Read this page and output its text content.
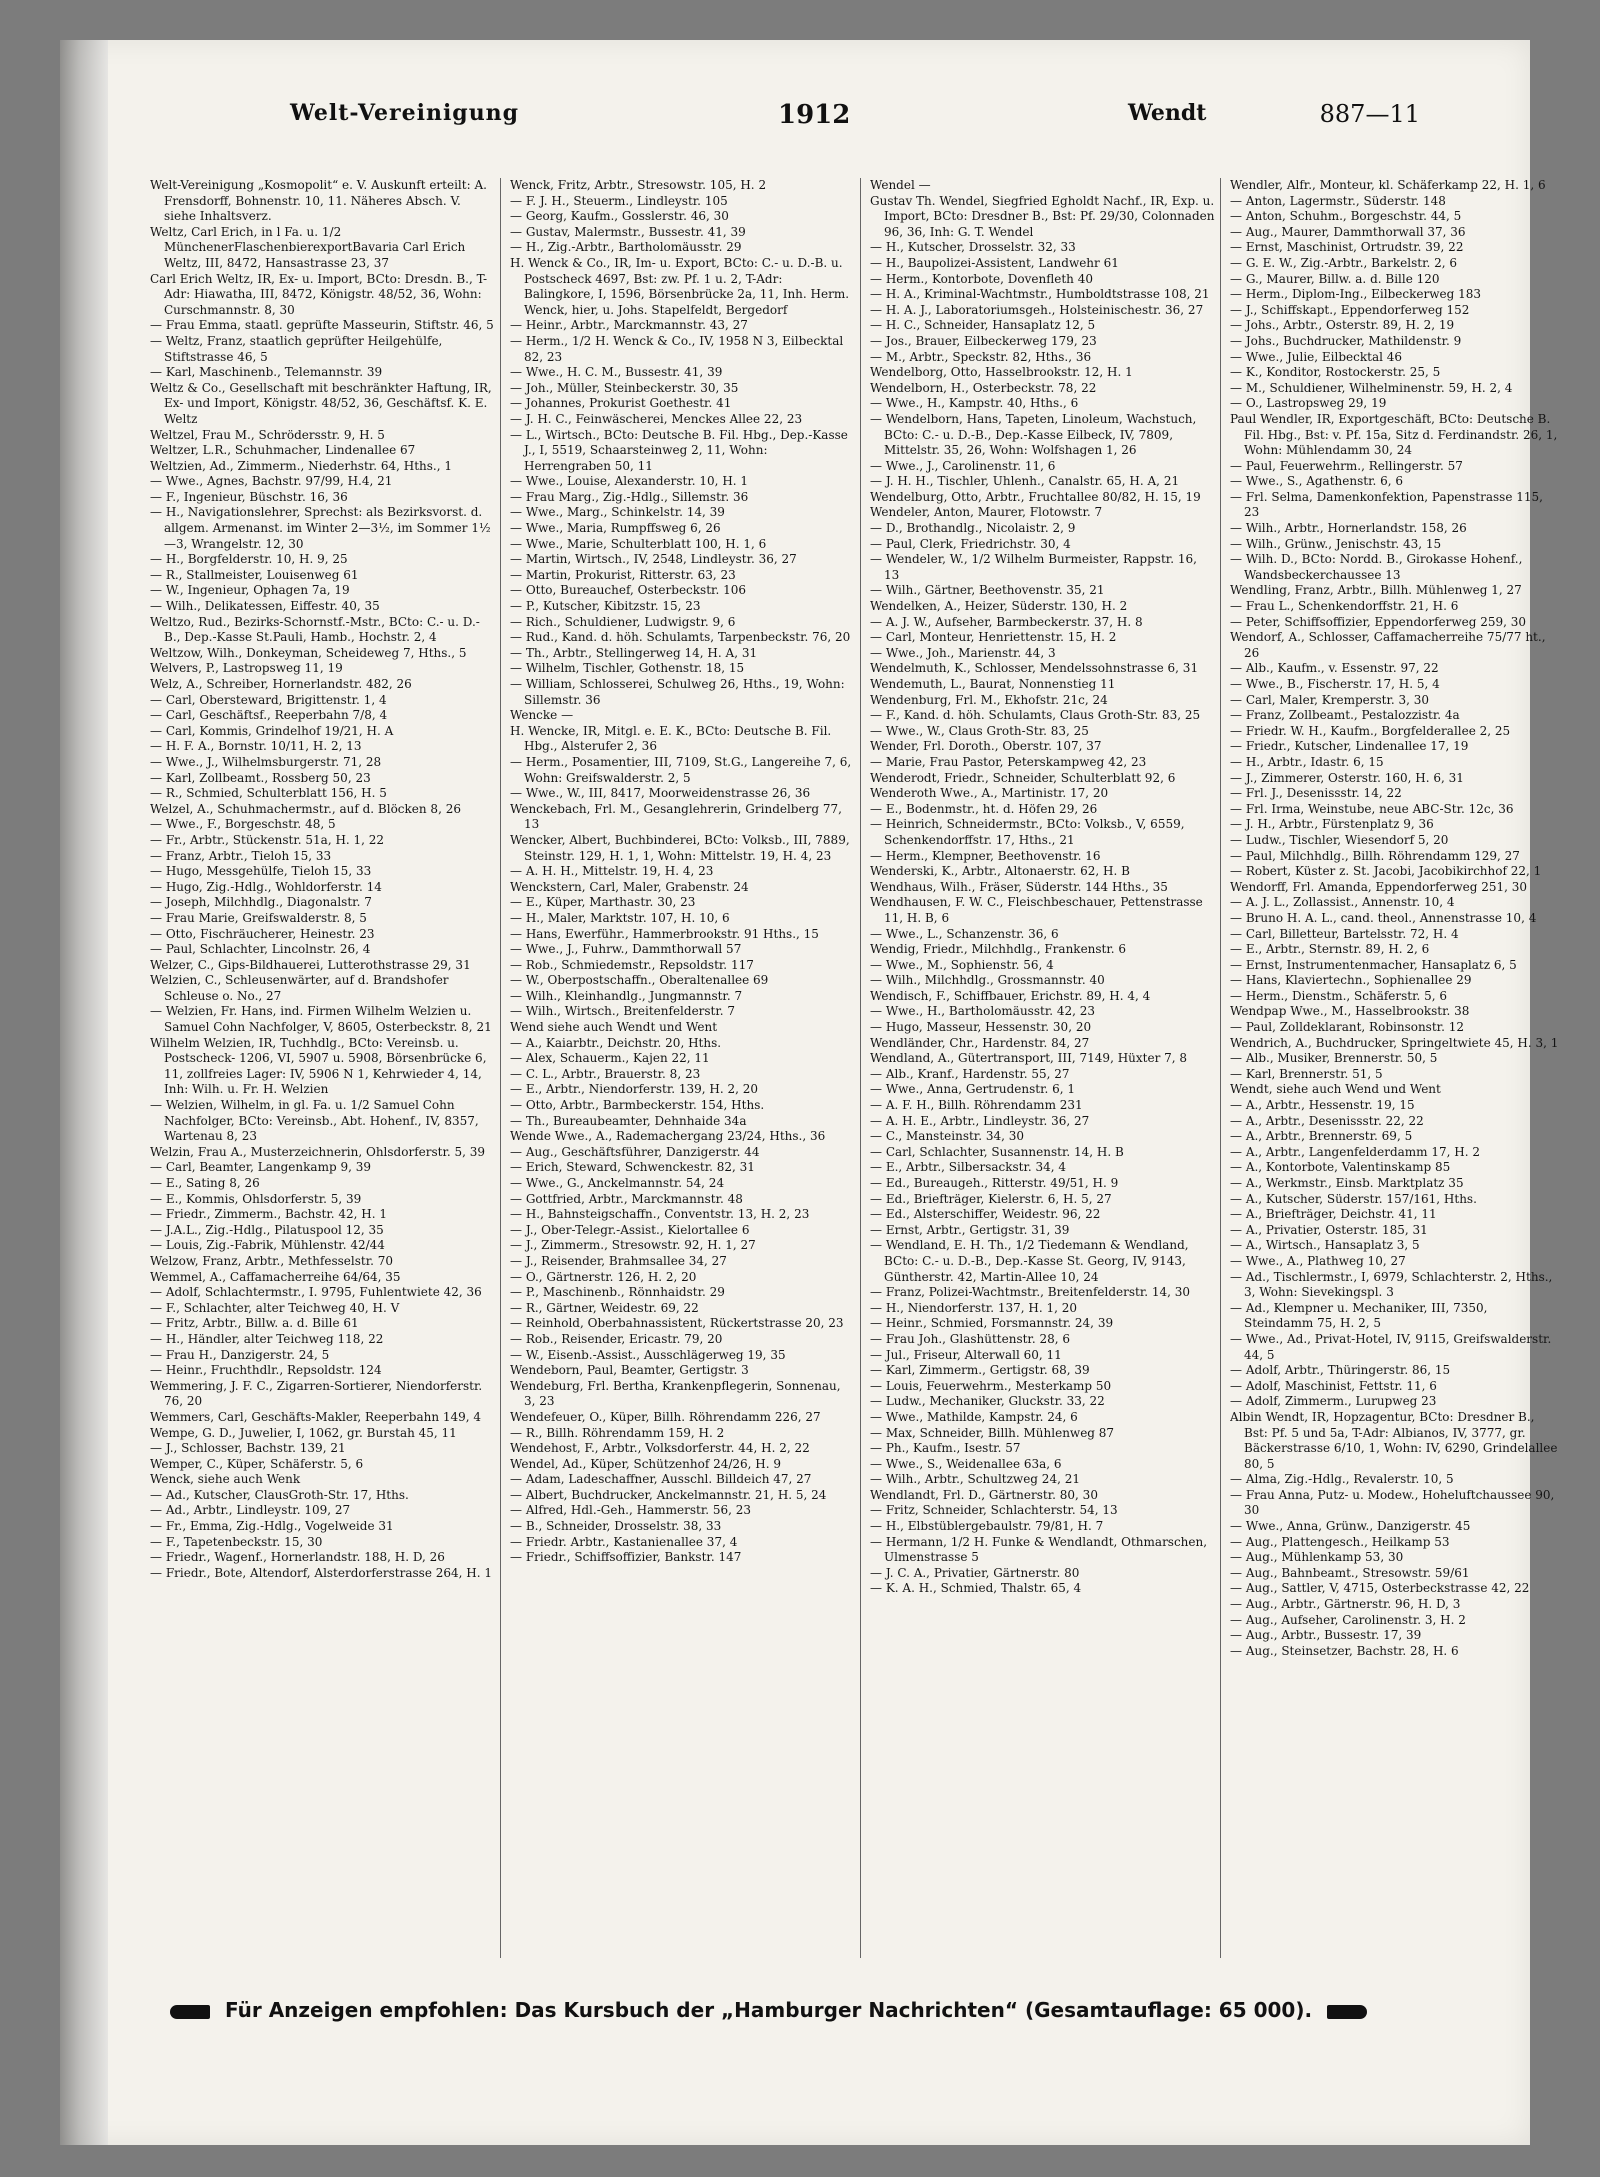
Welt-Vereinigung	1912	Wendt	887—11

Welt-Vereinigung „Kosmopolit“ e. V. Auskunft erteilt: A. Frensdorff, Bohnenstr. 10, 11. Näheres Absch. V. siehe Inhaltsverz.

Weltz, Carl Erich, in l Fa. u. 1/2 MünchenerFlaschenbierexportBavaria Carl Erich Weltz, III, 8472, Hansastrasse 23, 37

Carl Erich Weltz, IR, Ex- u. Import, BCto: Dresdn. B., T-Adr: Hiawatha, III, 8472, Königstr. 48/52, 36, Wohn: Curschmannstr. 8, 30

— Frau Emma, staatl. geprüfte Masseurin, Stiftstr. 46, 5

— Weltz, Franz, staatlich geprüfter Heilgehülfe, Stiftstrasse 46, 5

— Karl, Maschinenb., Telemannstr. 39

Weltz & Co., Gesellschaft mit beschränkter Haftung, IR, Ex- und Import, Königstr. 48/52, 36, Geschäftsf. K. E. Weltz

Weltzel, Frau M., Schrödersstr. 9, H. 5

Weltzer, L.R., Schuhmacher, Lindenallee 67

Weltzien, Ad., Zimmerm., Niederhstr. 64, Hths., 1

— Wwe., Agnes, Bachstr. 97/99, H.4, 21

— F., Ingenieur, Büschstr. 16, 36

— H., Navigationslehrer, Sprechst: als Bezirksvorst. d. allgem. Armenanst. im Winter 2—3½, im Sommer 1½—3, Wrangelstr. 12, 30

— H., Borgfelderstr. 10, H. 9, 25

— R., Stallmeister, Louisenweg 61

— W., Ingenieur, Ophagen 7a, 19

— Wilh., Delikatessen, Eiffestr. 40, 35

Weltzo, Rud., Bezirks-Schornstf.-Mstr., BCto: C.- u. D.-B., Dep.-Kasse St.Pauli, Hamb., Hochstr. 2, 4

Weltzow, Wilh., Donkeyman, Scheideweg 7, Hths., 5

Welvers, P., Lastropsweg 11, 19

Welz, A., Schreiber, Hornerlandstr. 482, 26

— Carl, Obersteward, Brigittenstr. 1, 4

— Carl, Geschäftsf., Reeperbahn 7/8, 4

— Carl, Kommis, Grindelhof 19/21, H. A

— H. F. A., Bornstr. 10/11, H. 2, 13

— Wwe., J., Wilhelmsburgerstr. 71, 28

— Karl, Zollbeamt., Rossberg 50, 23

— R., Schmied, Schulterblatt 156, H. 5

Welzel, A., Schuhmachermstr., auf d. Blöcken 8, 26

— Wwe., F., Borgeschstr. 48, 5

— Fr., Arbtr., Stückenstr. 51a, H. 1, 22

— Franz, Arbtr., Tieloh 15, 33

— Hugo, Messgehülfe, Tieloh 15, 33

— Hugo, Zig.-Hdlg., Wohldorferstr. 14

— Joseph, Milchhdlg., Diagonalstr. 7

— Frau Marie, Greifswalderstr. 8, 5

— Otto, Fischräucherer, Heinestr. 23

— Paul, Schlachter, Lincolnstr. 26, 4

Welzer, C., Gips-Bildhauerei, Lutterothstrasse 29, 31

Welzien, C., Schleusenwärter, auf d. Brandshofer Schleuse o. No., 27

— Welzien, Fr. Hans, ind. Firmen Wilhelm Welzien u. Samuel Cohn Nachfolger, V, 8605, Osterbeckstr. 8, 21

Wilhelm Welzien, IR, Tuchhdlg., BCto: Vereinsb. u. Postscheck- 1206, VI, 5907 u. 5908, Börsenbrücke 6, 11, zollfreies Lager: IV, 5906 N 1, Kehrwieder 4, 14, Inh: Wilh. u. Fr. H. Welzien

— Welzien, Wilhelm, in gl. Fa. u. 1/2 Samuel Cohn Nachfolger, BCto: Vereinsb., Abt. Hohenf., IV, 8357, Wartenau 8, 23

Welzin, Frau A., Musterzeichnerin, Ohlsdorferstr. 5, 39

— Carl, Beamter, Langenkamp 9, 39

— E., Sating 8, 26

— E., Kommis, Ohlsdorferstr. 5, 39

— Friedr., Zimmerm., Bachstr. 42, H. 1

— J.A.L., Zig.-Hdlg., Pilatuspool 12, 35

— Louis, Zig.-Fabrik, Mühlenstr. 42/44

Welzow, Franz, Arbtr., Methfesselstr. 70

Wemmel, A., Caffamacherreihe 64/64, 35

— Adolf, Schlachtermstr., I. 9795, Fuhlentwiete 42, 36

— F., Schlachter, alter Teichweg 40, H. V

— Fritz, Arbtr., Billw. a. d. Bille 61

— H., Händler, alter Teichweg 118, 22

— Frau H., Danzigerstr. 24, 5

— Heinr., Fruchthdlr., Repsoldstr. 124

Wemmering, J. F. C., Zigarren-Sortierer, Niendorferstr. 76, 20

Wemmers, Carl, Geschäfts-Makler, Reeperbahn 149, 4

Wempe, G. D., Juwelier, I, 1062, gr. Burstah 45, 11

— J., Schlosser, Bachstr. 139, 21

Wemper, C., Küper, Schäferstr. 5, 6

Wenck, siehe auch Wenk

— Ad., Kutscher, ClausGroth-Str. 17, Hths.

— Ad., Arbtr., Lindleystr. 109, 27

— Fr., Emma, Zig.-Hdlg., Vogelweide 31

— F., Tapetenbeckstr. 15, 30

— Friedr., Wagenf., Hornerlandstr. 188, H. D, 26

— Friedr., Bote, Altendorf, Alsterdorferstrasse 264, H. 1

Wenck, Fritz, Arbtr., Stresowstr. 105, H. 2

— F. J. H., Steuerm., Lindleystr. 105

— Georg, Kaufm., Gosslerstr. 46, 30

— Gustav, Malermstr., Bussestr. 41, 39

— H., Zig.-Arbtr., Bartholomäusstr. 29

H. Wenck & Co., IR, Im- u. Export, BCto: C.- u. D.-B. u. Postscheck 4697, Bst: zw. Pf. 1 u. 2, T-Adr: Balingkore, I, 1596, Börsenbrücke 2a, 11, Inh. Herm. Wenck, hier, u. Johs. Stapelfeldt, Bergedorf

— Heinr., Arbtr., Marckmannstr. 43, 27

— Herm., 1/2 H. Wenck & Co., IV, 1958 N 3, Eilbecktal 82, 23

— Wwe., H. C. M., Bussestr. 41, 39

— Joh., Müller, Steinbeckerstr. 30, 35

— Johannes, Prokurist Goethestr. 41

— J. H. C., Feinwäscherei, Menckes Allee 22, 23

— L., Wirtsch., BCto: Deutsche B. Fil. Hbg., Dep.-Kasse J., I, 5519, Schaarsteinweg 2, 11, Wohn: Herrengraben 50, 11

— Wwe., Louise, Alexanderstr. 10, H. 1

— Frau Marg., Zig.-Hdlg., Sillemstr. 36

— Wwe., Marg., Schinkelstr. 14, 39

— Wwe., Maria, Rumpffsweg 6, 26

— Wwe., Marie, Schulterblatt 100, H. 1, 6

— Martin, Wirtsch., IV, 2548, Lindleystr. 36, 27

— Martin, Prokurist, Ritterstr. 63, 23

— Otto, Bureauchef, Osterbeckstr. 106

— P., Kutscher, Kibitzstr. 15, 23

— Rich., Schuldiener, Ludwigstr. 9, 6

— Rud., Kand. d. höh. Schulamts, Tarpenbeckstr. 76, 20

— Th., Arbtr., Stellingerweg 14, H. A, 31

— Wilhelm, Tischler, Gothenstr. 18, 15

— William, Schlosserei, Schulweg 26, Hths., 19, Wohn: Sillemstr. 36

Wencke —

H. Wencke, IR, Mitgl. e. E. K., BCto: Deutsche B. Fil. Hbg., Alsterufer 2, 36

— Herm., Posamentier, III, 7109, St.G., Langereihe 7, 6, Wohn: Greifswalderstr. 2, 5

— Wwe., W., III, 8417, Moorweidenstrasse 26, 36

Wenckebach, Frl. M., Gesanglehrerin, Grindelberg 77, 13

Wencker, Albert, Buchbinderei, BCto: Volksb., III, 7889, Steinstr. 129, H. 1, 1, Wohn: Mittelstr. 19, H. 4, 23

— A. H. H., Mittelstr. 19, H. 4, 23

Wenckstern, Carl, Maler, Grabenstr. 24

— E., Küper, Marthastr. 30, 23

— H., Maler, Marktstr. 107, H. 10, 6

— Hans, Ewerführ., Hammerbrookstr. 91 Hths., 15

— Wwe., J., Fuhrw., Dammthorwall 57

— Rob., Schmiedemstr., Repsoldstr. 117

— W., Oberpostschaffn., Oberaltenallee 69

— Wilh., Kleinhandlg., Jungmannstr. 7

— Wilh., Wirtsch., Breitenfelderstr. 7

Wend siehe auch Wendt und Went

— A., Kaiarbtr., Deichstr. 20, Hths.

— Alex, Schauerm., Kajen 22, 11

— C. L., Arbtr., Brauerstr. 8, 23

— E., Arbtr., Niendorferstr. 139, H. 2, 20

— Otto, Arbtr., Barmbeckerstr. 154, Hths.

— Th., Bureaubeamter, Dehnhaide 34a

Wende Wwe., A., Rademachergang 23/24, Hths., 36

— Aug., Geschäftsführer, Danzigerstr. 44

— Erich, Steward, Schwenckestr. 82, 31

— Wwe., G., Anckelmannstr. 54, 24

— Gottfried, Arbtr., Marckmannstr. 48

— H., Bahnsteigschaffn., Conventstr. 13, H. 2, 23

— J., Ober-Telegr.-Assist., Kielortallee 6

— J., Zimmerm., Stresowstr. 92, H. 1, 27

— J., Reisender, Brahmsallee 34, 27

— O., Gärtnerstr. 126, H. 2, 20

— P., Maschinenb., Rönnhaidstr. 29

— R., Gärtner, Weidestr. 69, 22

— Reinhold, Oberbahnassistent, Rückertstrasse 20, 23

— Rob., Reisender, Ericastr. 79, 20

— W., Eisenb.-Assist., Ausschlägerweg 19, 35

Wendeborn, Paul, Beamter, Gertigstr. 3

Wendeburg, Frl. Bertha, Krankenpflegerin, Sonnenau, 3, 23

Wendefeuer, O., Küper, Billh. Röhrendamm 226, 27

— R., Billh. Röhrendamm 159, H. 2

Wendehost, F., Arbtr., Volksdorferstr. 44, H. 2, 22

Wendel, Ad., Küper, Schützenhof 24/26, H. 9

— Adam, Ladeschaffner, Ausschl. Billdeich 47, 27

— Albert, Buchdrucker, Anckelmannstr. 21, H. 5, 24

— Alfred, Hdl.-Geh., Hammerstr. 56, 23

— B., Schneider, Drosselstr. 38, 33

— Friedr. Arbtr., Kastanienallee 37, 4

— Friedr., Schiffsoffizier, Bankstr. 147

Wendel —

Gustav Th. Wendel, Siegfried Egholdt Nachf., IR, Exp. u. Import, BCto: Dresdner B., Bst: Pf. 29/30, Colonnaden 96, 36, Inh: G. T. Wendel

— H., Kutscher, Drosselstr. 32, 33

— H., Baupolizei-Assistent, Landwehr 61

— Herm., Kontorbote, Dovenfleth 40

— H. A., Kriminal-Wachtmstr., Humboldtstrasse 108, 21

— H. A. J., Laboratoriumsgeh., Holsteinischestr. 36, 27

— H. C., Schneider, Hansaplatz 12, 5

— Jos., Brauer, Eilbeckerweg 179, 23

— M., Arbtr., Speckstr. 82, Hths., 36

Wendelborg, Otto, Hasselbrookstr. 12, H. 1

Wendelborn, H., Osterbeckstr. 78, 22

— Wwe., H., Kampstr. 40, Hths., 6

— Wendelborn, Hans, Tapeten, Linoleum, Wachstuch, BCto: C.- u. D.-B., Dep.-Kasse Eilbeck, IV, 7809, Mittelstr. 35, 26, Wohn: Wolfshagen 1, 26

— Wwe., J., Carolinenstr. 11, 6

— J. H. H., Tischler, Uhlenh., Canalstr. 65, H. A, 21

Wendelburg, Otto, Arbtr., Fruchtallee 80/82, H. 15, 19

Wendeler, Anton, Maurer, Flotowstr. 7

— D., Brothandlg., Nicolaistr. 2, 9

— Paul, Clerk, Friedrichstr. 30, 4

— Wendeler, W., 1/2 Wilhelm Burmeister, Rappstr. 16, 13

— Wilh., Gärtner, Beethovenstr. 35, 21

Wendelken, A., Heizer, Süderstr. 130, H. 2

— A. J. W., Aufseher, Barmbeckerstr. 37, H. 8

— Carl, Monteur, Henriettenstr. 15, H. 2

— Wwe., Joh., Marienstr. 44, 3

Wendelmuth, K., Schlosser, Mendelssohnstrasse 6, 31

Wendemuth, L., Baurat, Nonnenstieg 11

Wendenburg, Frl. M., Ekhofstr. 21c, 24

— F., Kand. d. höh. Schulamts, Claus Groth-Str. 83, 25

— Wwe., W., Claus Groth-Str. 83, 25

Wender, Frl. Doroth., Oberstr. 107, 37

— Marie, Frau Pastor, Peterskampweg 42, 23

Wenderodt, Friedr., Schneider, Schulterblatt 92, 6

Wenderoth Wwe., A., Martinistr. 17, 20

— E., Bodenmstr., ht. d. Höfen 29, 26

— Heinrich, Schneidermstr., BCto: Volksb., V, 6559, Schenkendorffstr. 17, Hths., 21

— Herm., Klempner, Beethovenstr. 16

Wenderski, K., Arbtr., Altonaerstr. 62, H. B

Wendhaus, Wilh., Fräser, Süderstr. 144 Hths., 35

Wendhausen, F. W. C., Fleischbeschauer, Pettenstrasse 11, H. B, 6

— Wwe., L., Schanzenstr. 36, 6

Wendig, Friedr., Milchhdlg., Frankenstr. 6

— Wwe., M., Sophienstr. 56, 4

— Wilh., Milchhdlg., Grossmannstr. 40

Wendisch, F., Schiffbauer, Erichstr. 89, H. 4, 4

— Wwe., H., Bartholomäusstr. 42, 23

— Hugo, Masseur, Hessenstr. 30, 20

Wendländer, Chr., Hardenstr. 84, 27

Wendland, A., Gütertransport, III, 7149, Hüxter 7, 8

— Alb., Kranf., Hardenstr. 55, 27

— Wwe., Anna, Gertrudenstr. 6, 1

— A. F. H., Billh. Röhrendamm 231

— A. H. E., Arbtr., Lindleystr. 36, 27

— C., Mansteinstr. 34, 30

— Carl, Schlachter, Susannenstr. 14, H. B

— E., Arbtr., Silbersackstr. 34, 4

— Ed., Bureaugeh., Ritterstr. 49/51, H. 9

— Ed., Briefträger, Kielerstr. 6, H. 5, 27

— Ed., Alsterschiffer, Weidestr. 96, 22

— Ernst, Arbtr., Gertigstr. 31, 39

— Wendland, E. H. Th., 1/2 Tiedemann & Wendland, BCto: C.- u. D.-B., Dep.-Kasse St. Georg, IV, 9143, Güntherstr. 42, Martin-Allee 10, 24

— Franz, Polizei-Wachtmstr., Breitenfelderstr. 14, 30

— H., Niendorferstr. 137, H. 1, 20

— Heinr., Schmied, Forsmannstr. 24, 39

— Frau Joh., Glashüttenstr. 28, 6

— Jul., Friseur, Alterwall 60, 11

— Karl, Zimmerm., Gertigstr. 68, 39

— Louis, Feuerwehrm., Mesterkamp 50

— Ludw., Mechaniker, Gluckstr. 33, 22

— Wwe., Mathilde, Kampstr. 24, 6

— Max, Schneider, Billh. Mühlenweg 87

— Ph., Kaufm., Isestr. 57

— Wwe., S., Weidenallee 63a, 6

— Wilh., Arbtr., Schultzweg 24, 21

Wendlandt, Frl. D., Gärtnerstr. 80, 30

— Fritz, Schneider, Schlachterstr. 54, 13

— H., Elbstüblergebaulstr. 79/81, H. 7

— Hermann, 1/2 H. Funke & Wendlandt, Othmarschen, Ulmenstrasse 5

— J. C. A., Privatier, Gärtnerstr. 80

— K. A. H., Schmied, Thalstr. 65, 4

Wendler, Alfr., Monteur, kl. Schäferkamp 22, H. 1, 6

— Anton, Lagermstr., Süderstr. 148

— Anton, Schuhm., Borgeschstr. 44, 5

— Aug., Maurer, Dammthorwall 37, 36

— Ernst, Maschinist, Ortrudstr. 39, 22

— G. E. W., Zig.-Arbtr., Barkelstr. 2, 6

— G., Maurer, Billw. a. d. Bille 120

— Herm., Diplom-Ing., Eilbeckerweg 183

— J., Schiffskapt., Eppendorferweg 152

— Johs., Arbtr., Osterstr. 89, H. 2, 19

— Johs., Buchdrucker, Mathildenstr. 9

— Wwe., Julie, Eilbecktal 46

— K., Konditor, Rostockerstr. 25, 5

— M., Schuldiener, Wilhelminenstr. 59, H. 2, 4

— O., Lastropsweg 29, 19

Paul Wendler, IR, Exportgeschäft, BCto: Deutsche B. Fil. Hbg., Bst: v. Pf. 15a, Sitz d. Ferdinandstr. 26, 1, Wohn: Mühlendamm 30, 24

— Paul, Feuerwehrm., Rellingerstr. 57

— Wwe., S., Agathenstr. 6, 6

— Frl. Selma, Damenkonfektion, Papenstrasse 115, 23

— Wilh., Arbtr., Hornerlandstr. 158, 26

— Wilh., Grünw., Jenischstr. 43, 15

— Wilh. D., BCto: Nordd. B., Girokasse Hohenf., Wandsbeckerchaussee 13

Wendling, Franz, Arbtr., Billh. Mühlenweg 1, 27

— Frau L., Schenkendorffstr. 21, H. 6

— Peter, Schiffsoffizier, Eppendorferweg 259, 30

Wendorf, A., Schlosser, Caffamacherreihe 75/77 ht., 26

— Alb., Kaufm., v. Essenstr. 97, 22

— Wwe., B., Fischerstr. 17, H. 5, 4

— Carl, Maler, Kremperstr. 3, 30

— Franz, Zollbeamt., Pestalozzistr. 4a

— Friedr. W. H., Kaufm., Borgfelderallee 2, 25

— Friedr., Kutscher, Lindenallee 17, 19

— H., Arbtr., Idastr. 6, 15

— J., Zimmerer, Osterstr. 160, H. 6, 31

— Frl. J., Desenissstr. 14, 22

— Frl. Irma, Weinstube, neue ABC-Str. 12c, 36

— J. H., Arbtr., Fürstenplatz 9, 36

— Ludw., Tischler, Wiesendorf 5, 20

— Paul, Milchhdlg., Billh. Röhrendamm 129, 27

— Robert, Küster z. St. Jacobi, Jacobikirchhof 22, 1

Wendorff, Frl. Amanda, Eppendorferweg 251, 30

— A. J. L., Zollassist., Annenstr. 10, 4

— Bruno H. A. L., cand. theol., Annenstrasse 10, 4

— Carl, Billetteur, Bartelsstr. 72, H. 4

— E., Arbtr., Sternstr. 89, H. 2, 6

— Ernst, Instrumentenmacher, Hansaplatz 6, 5

— Hans, Klaviertechn., Sophienallee 29

— Herm., Dienstm., Schäferstr. 5, 6

Wendpap Wwe., M., Hasselbrookstr. 38

— Paul, Zolldeklarant, Robinsonstr. 12

Wendrich, A., Buchdrucker, Springeltwiete 45, H. 3, 1

— Alb., Musiker, Brennerstr. 50, 5

— Karl, Brennerstr. 51, 5

Wendt, siehe auch Wend und Went

— A., Arbtr., Hessenstr. 19, 15

— A., Arbtr., Desenissstr. 22, 22

— A., Arbtr., Brennerstr. 69, 5

— A., Arbtr., Langenfelderdamm 17, H. 2

— A., Kontorbote, Valentinskamp 85

— A., Werkmstr., Einsb. Marktplatz 35

— A., Kutscher, Süderstr. 157/161, Hths.

— A., Briefträger, Deichstr. 41, 11

— A., Privatier, Osterstr. 185, 31

— A., Wirtsch., Hansaplatz 3, 5

— Wwe., A., Plathweg 10, 27

— Ad., Tischlermstr., I, 6979, Schlachterstr. 2, Hths., 3, Wohn: Sievekingspl. 3

— Ad., Klempner u. Mechaniker, III, 7350, Steindamm 75, H. 2, 5

— Wwe., Ad., Privat-Hotel, IV, 9115, Greifswalderstr. 44, 5

— Adolf, Arbtr., Thüringerstr. 86, 15

— Adolf, Maschinist, Fettstr. 11, 6

— Adolf, Zimmerm., Lurupweg 23

Albin Wendt, IR, Hopzagentur, BCto: Dresdner B., Bst: Pf. 5 und 5a, T-Adr: Albianos, IV, 3777, gr. Bäckerstrasse 6/10, 1, Wohn: IV, 6290, Grindelallee 80, 5

— Alma, Zig.-Hdlg., Revalerstr. 10, 5

— Frau Anna, Putz- u. Modew., Hoheluftchaussee 90, 30

— Wwe., Anna, Grünw., Danzigerstr. 45

— Aug., Plattengesch., Heilkamp 53

— Aug., Mühlenkamp 53, 30

— Aug., Bahnbeamt., Stresowstr. 59/61

— Aug., Sattler, V, 4715, Osterbeckstrasse 42, 22

— Aug., Arbtr., Gärtnerstr. 96, H. D, 3

— Aug., Aufseher, Carolinenstr. 3, H. 2

— Aug., Arbtr., Bussestr. 17, 39

— Aug., Steinsetzer, Bachstr. 28, H. 6

Für Anzeigen empfohlen: Das Kursbuch der „Hamburger Nachrichten“ (Gesamtauflage: 65 000).
